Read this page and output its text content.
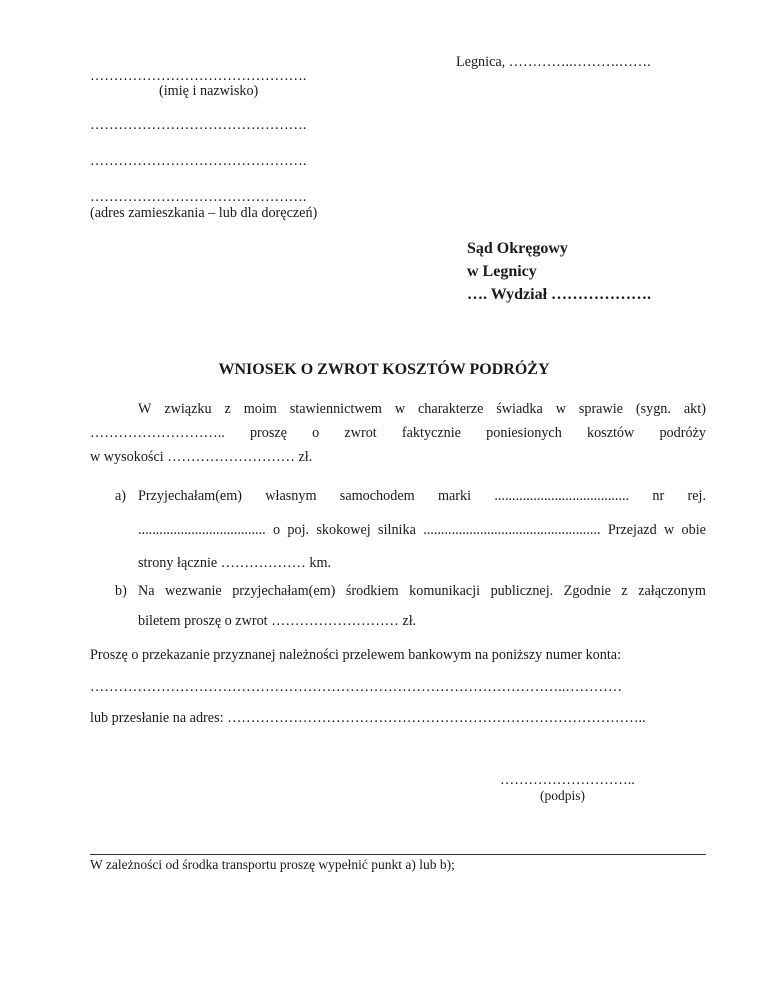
Legnica, …………..……….…….
……………………………………….
(imię i nazwisko)
……………………………………….
……………………………………….
……………………………………….
(adres zamieszkania – lub dla doręczeń)
Sąd Okręgowy
w Legnicy
…. Wydział ……………….
WNIOSEK O ZWROT KOSZTÓW PODRÓŻY
W związku z moim stawiennictwem w charakterze świadka w sprawie (sygn. akt)
……………………….. proszę o zwrot faktycznie poniesionych kosztów podróży
w wysokości ……………………… zł.
a) Przyjechałam(em) własnym samochodem marki ...................................... nr rej.
.................................... o poj. skokowej silnika .................................................. Przejazd w obie
strony łącznie ……………… km.
b) Na wezwanie przyjechałam(em) środkiem komunikacji publicznej. Zgodnie z załączonym
biletem proszę o zwrot ……………………… zł.
Proszę o przekazanie przyznanej należności przelewem bankowym na poniższy numer konta:
………………………………………………………………………………………..…………
lub przesłanie na adres: ……………………………………………………………………………..
………………………..
(podpis)
W zależności od środka transportu proszę wypełnić punkt a) lub b);
